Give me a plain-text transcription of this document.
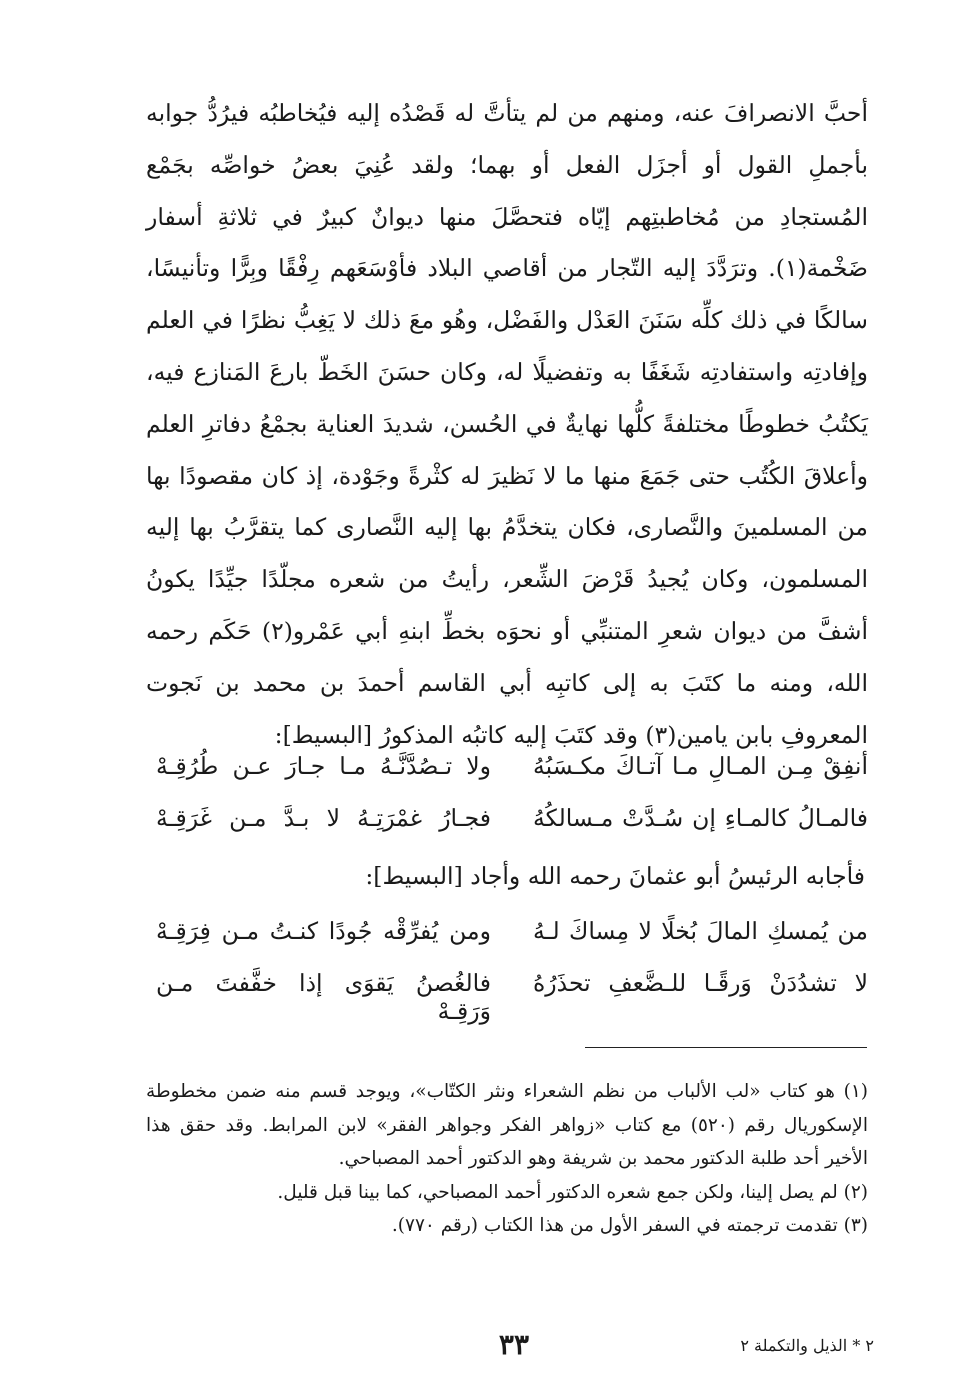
أحبَّ الانصرافَ عنه، ومنهم من لم يتأتَّ له قَصْدُه إليه فيُخاطبُه فيرُدُّ جوابه بأجملِ القول أو أجزَل الفعل أو بهما؛ ولقد عُنِيَ بعضُ خواصِّه بجَمْع المُستجادِ من مُخاطبتِهم إيّاه فتحصَّلَ منها ديوانٌ كبيرٌ في ثلاثةِ أسفار ضَخْمة(١). وترَدَّدَ إليه التّجار من أقاصي البلاد فأوْسَعَهم رِفْقًا وبِرًّا وتأنيسًا، سالكًا في ذلك كلِّه سَنَنَ العَدْل والفَضْل، وهُو معَ ذلك لا يَغِبُّ نظرًا في العلم وإفادتِه واستفادتِه شَغَفًا به وتفضيلًا له، وكان حسَنَ الخَطّ بارعَ المَنازع فيه، يَكتُبُ خطوطًا مختلفةً كلُّها نهايةٌ في الحُسن، شديدَ العناية بجمْعُ دفاترِ العلم وأعلاقَ الكُتُب حتى جَمَعَ منها ما لا نَظيرَ له كثْرةً وجَوْدة، إذ كان مقصودًا بها من المسلمينَ والنَّصارى، فكان يتخدَّمُ بها إليه النَّصارى كما يتقرَّبُ بها إليه المسلمون، وكان يُجيدُ قَرْضَ الشِّعر، رأيتُ من شعره مجلّدًا جيِّدًا يكونُ أشفَّ من ديوان شعرِ المتنبِّي أو نحوَه بخطِّ ابنهِ أبي عَمْرو(٢) حَكَم رحمه الله، ومنه ما كتَبَ به إلى كاتبِه أبي القاسم أحمدَ بن محمد بن نَجوت المعروفِ بابن يامين(٣) وقد كتَبَ إليه كاتبُه المذكورُ [البسيط]:

أنفِقْ مِـن المـالِ مـا آتـاكَ مكـسَبُهُ
ولا تـصُدَّنَّـهُ مـا جـارَ عـن طُرُقِـهْ
فالمـالُ كالمـاءِ إن سُـدَّتْ مـسالكُهُ
فجـارُ غمْرَتِـهُ لا بـدَّ مـن غَرَقِـهْ
فأجابه الرئيسُ أبو عثمانَ رحمه الله وأجاد [البسيط]:
من يُمسكِ المالَ بُخلًا لا مِساكَ لـهُ
ومن يُفرِّقْه جُودًا كنـتُ مـن فِرَقِـهْ
لا تشدُدَنْ وَرقًـا للـضَّعفِ تحذَرُهُ
فالغُصنُ يَقوَى إذا خفَّفتَ مـن وَرَقِـهْ

(١) هو كتاب «لب الألباب من نظم الشعراء ونثر الكتّاب»، ويوجد قسم منه ضمن مخطوطة الإسكوريال رقم (٥٢٠) مع كتاب «زواهر الفكر وجواهر الفقر» لابن المرابط. وقد حقق هذا الأخير أحد طلبة الدكتور محمد بن شريفة وهو الدكتور أحمد المصباحي.

(٢) لم يصل إلينا، ولكن جمع شعره الدكتور أحمد المصباحي، كما بينا قبل قليل.

(٣) تقدمت ترجمته في السفر الأول من هذا الكتاب (رقم ٧٧٠).

٢ * الذيل والتكملة ٢
٣٣
